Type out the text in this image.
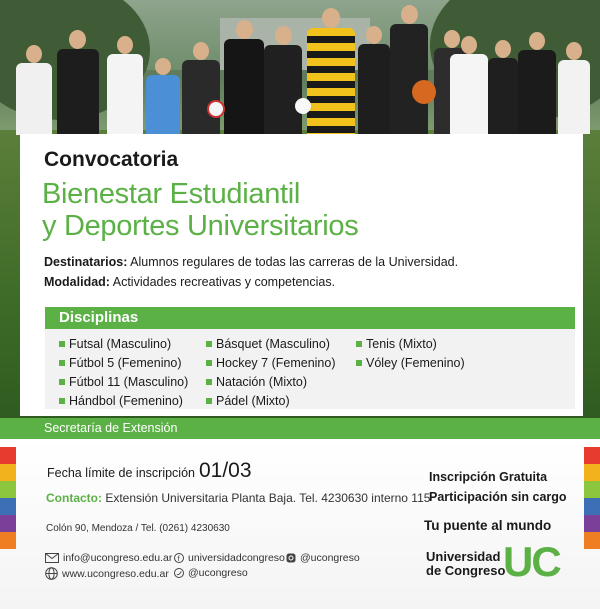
Convocatoria
Bienestar Estudiantil
y Deportes Universitarios
Destinatarios: Alumnos regulares de todas las carreras de la Universidad.
Modalidad: Actividades recreativas y competencias.
Disciplinas
Futsal (Masculino)
Fútbol 5 (Femenino)
Fútbol 11 (Masculino)
Hándbol (Femenino)
Básquet (Masculino)
Hockey 7 (Femenino)
Natación (Mixto)
Pádel (Mixto)
Tenis (Mixto)
Vóley (Femenino)
Secretaría de Extensión
Fecha límite de inscripción 01/03
Contacto: Extensión Universitaria Planta Baja. Tel. 4230630 interno 115
Colón 90, Mendoza / Tel. (0261) 4230630
info@ucongreso.edu.ar
www.ucongreso.edu.ar
f universidadcongreso
@ucongreso
@ucongreso
Inscripción Gratuita
Participación sin cargo
Tu puente al mundo
Universidad
de Congreso
UC
